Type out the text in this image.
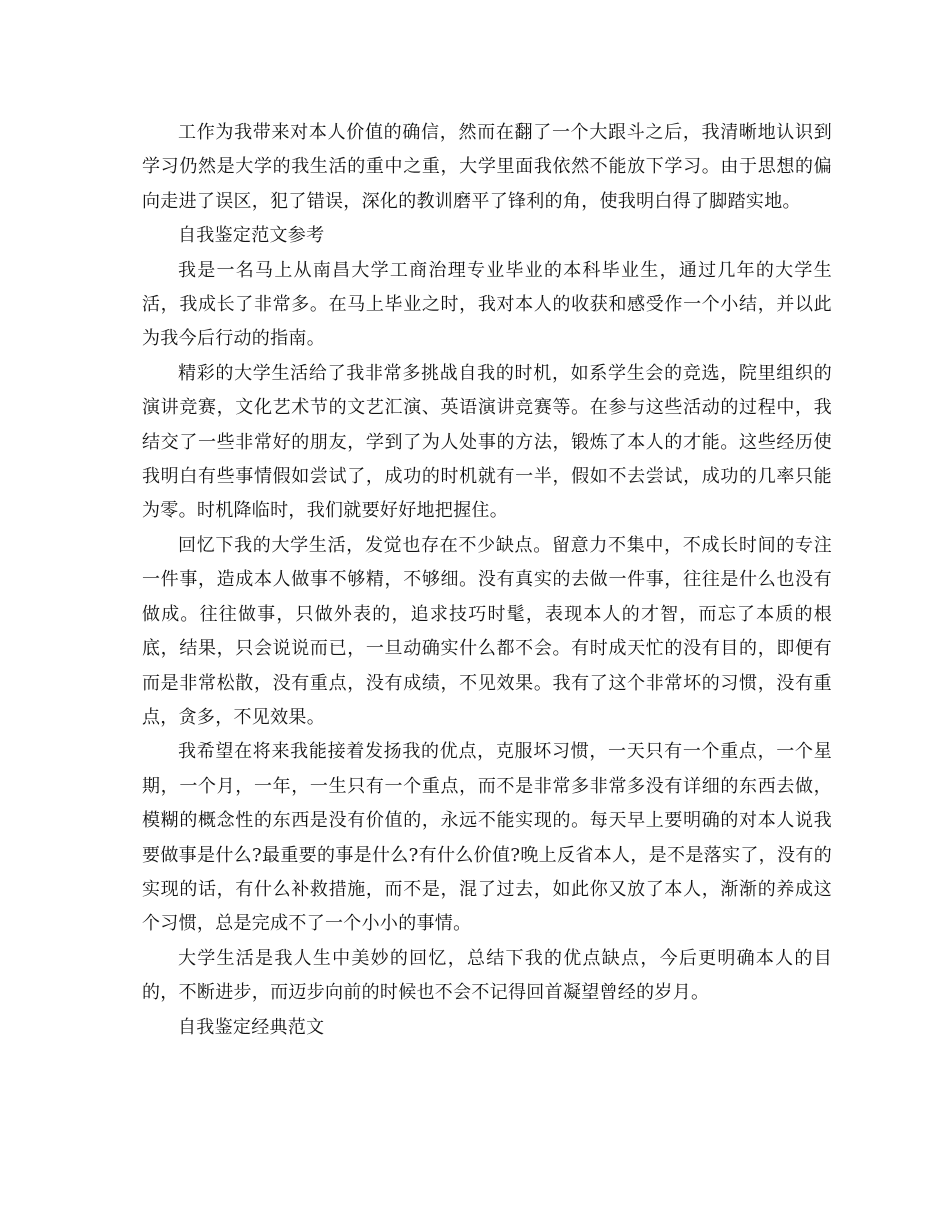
工作为我带来对本人价值的确信，然而在翻了一个大跟斗之后，我清晰地认识到学习仍然是大学的我生活的重中之重，大学里面我依然不能放下学习。由于思想的偏向走进了误区，犯了错误，深化的教训磨平了锋利的角，使我明白得了脚踏实地。

自我鉴定范文参考

我是一名马上从南昌大学工商治理专业毕业的本科毕业生，通过几年的大学生活，我成长了非常多。在马上毕业之时，我对本人的收获和感受作一个小结，并以此为我今后行动的指南。

精彩的大学生活给了我非常多挑战自我的时机，如系学生会的竞选，院里组织的演讲竞赛，文化艺术节的文艺汇演、英语演讲竞赛等。在参与这些活动的过程中，我结交了一些非常好的朋友，学到了为人处事的方法，锻炼了本人的才能。这些经历使我明白有些事情假如尝试了，成功的时机就有一半，假如不去尝试，成功的几率只能为零。时机降临时，我们就要好好地把握住。

回忆下我的大学生活，发觉也存在不少缺点。留意力不集中，不成长时间的专注一件事，造成本人做事不够精，不够细。没有真实的去做一件事，往往是什么也没有做成。往往做事，只做外表的，追求技巧时髦，表现本人的才智，而忘了本质的根底，结果，只会说说而已，一旦动确实什么都不会。有时成天忙的没有目的，即便有而是非常松散，没有重点，没有成绩，不见效果。我有了这个非常坏的习惯，没有重点，贪多，不见效果。

我希望在将来我能接着发扬我的优点，克服坏习惯，一天只有一个重点，一个星期，一个月，一年，一生只有一个重点，而不是非常多非常多没有详细的东西去做，模糊的概念性的东西是没有价值的，永远不能实现的。每天早上要明确的对本人说我要做事是什么?最重要的事是什么?有什么价值?晚上反省本人，是不是落实了，没有的实现的话，有什么补救措施，而不是，混了过去，如此你又放了本人，渐渐的养成这个习惯，总是完成不了一个小小的事情。

大学生活是我人生中美妙的回忆，总结下我的优点缺点，今后更明确本人的目的，不断进步，而迈步向前的时候也不会不记得回首凝望曾经的岁月。

自我鉴定经典范文
